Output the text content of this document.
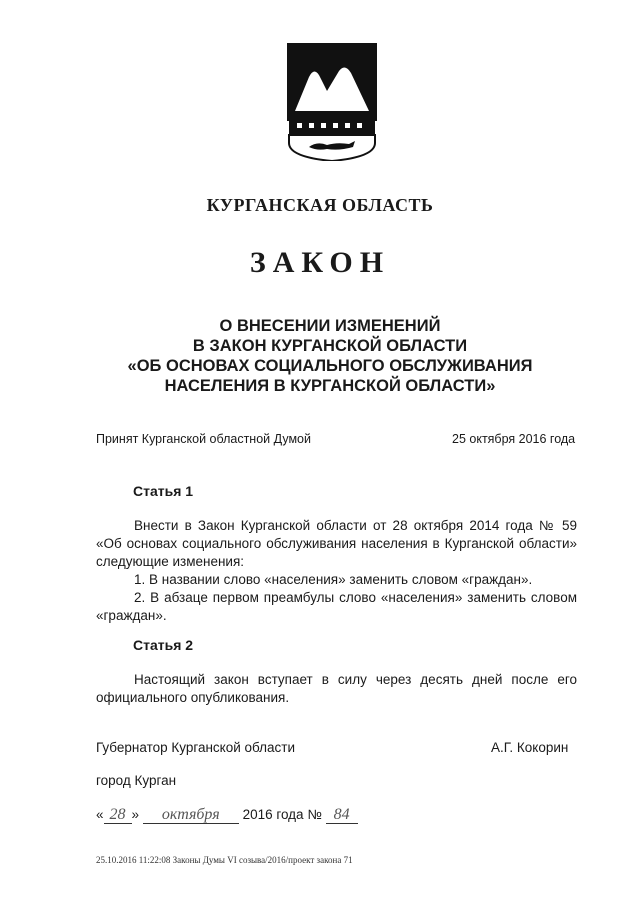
КУРГАНСКАЯ ОБЛАСТЬ
ЗАКОН
О ВНЕСЕНИИ ИЗМЕНЕНИЙ
В ЗАКОН КУРГАНСКОЙ ОБЛАСТИ
«ОБ ОСНОВАХ СОЦИАЛЬНОГО ОБСЛУЖИВАНИЯ
НАСЕЛЕНИЯ В КУРГАНСКОЙ ОБЛАСТИ»
Принят Курганской областной Думой	25 октября 2016 года
Статья 1
Внести в Закон Курганской области от 28 октября 2014 года № 59 «Об основах социального обслуживания населения в Курганской области» следующие изменения:
1. В названии слово «населения» заменить словом «граждан».
2. В абзаце первом преамбулы слово «населения» заменить словом «граждан».
Статья 2
Настоящий закон вступает в силу через десять дней после его официального опубликования.
Губернатор Курганской области	А.Г. Кокорин
город Курган
« 28 » октября 2016 года № 84
25.10.2016 11:22:08 Законы Думы VI созыва/2016/проект закона 71
